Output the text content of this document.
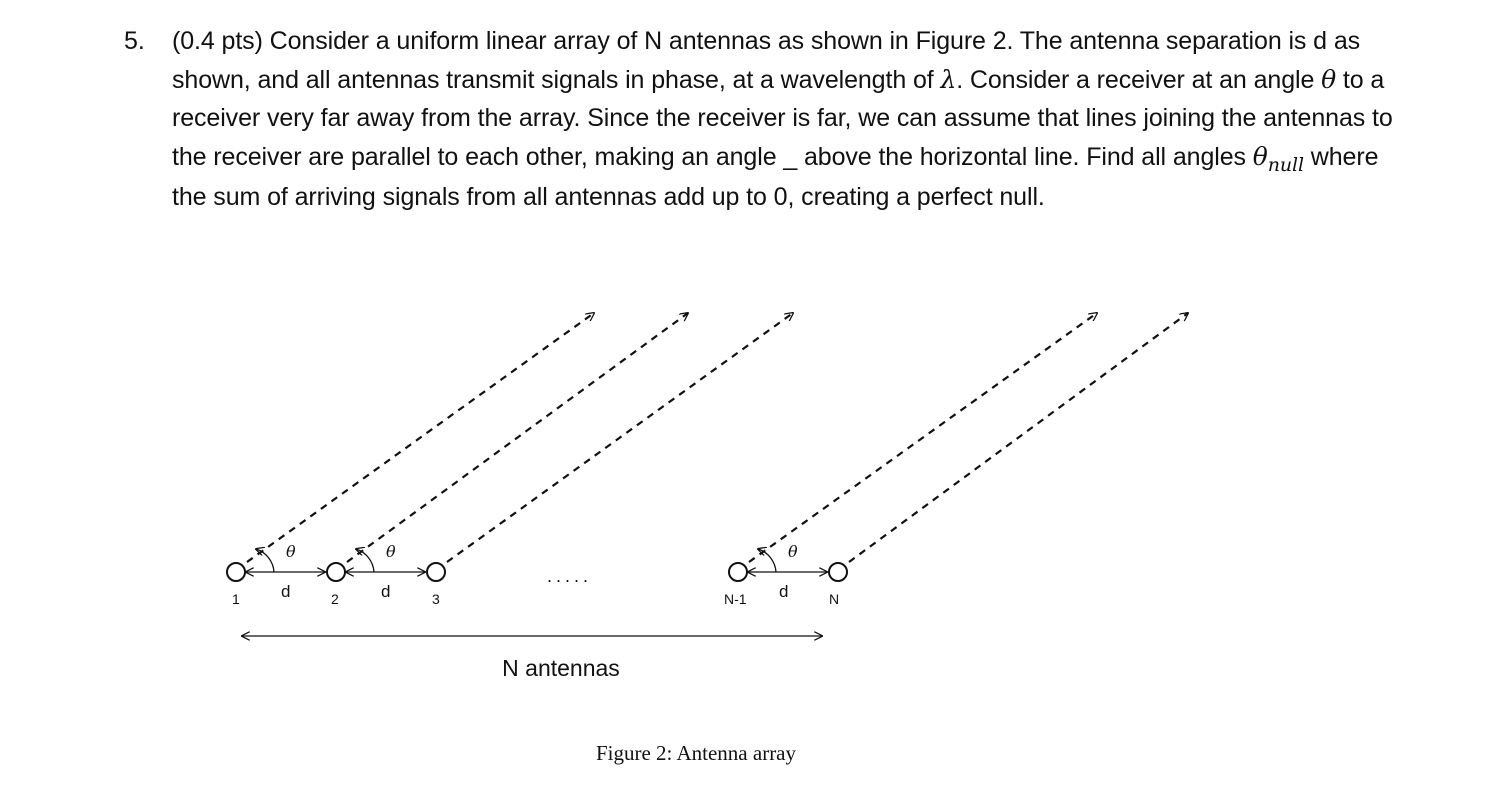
5. (0.4 pts) Consider a uniform linear array of N antennas as shown in Figure 2. The antenna separation is d as shown, and all antennas transmit signals in phase, at a wavelength of λ. Consider a receiver at an angle θ to a receiver very far away from the array. Since the receiver is far, we can assume that lines joining the antennas to the receiver are parallel to each other, making an angle _ above the horizontal line. Find all angles $\theta_{null}$ where the sum of arriving signals from all antennas add up to 0, creating a perfect null.

θ	θ	θ
d	d	d
1	2	3	N-1	N
.....
N antennas
Figure 2: Antenna array
